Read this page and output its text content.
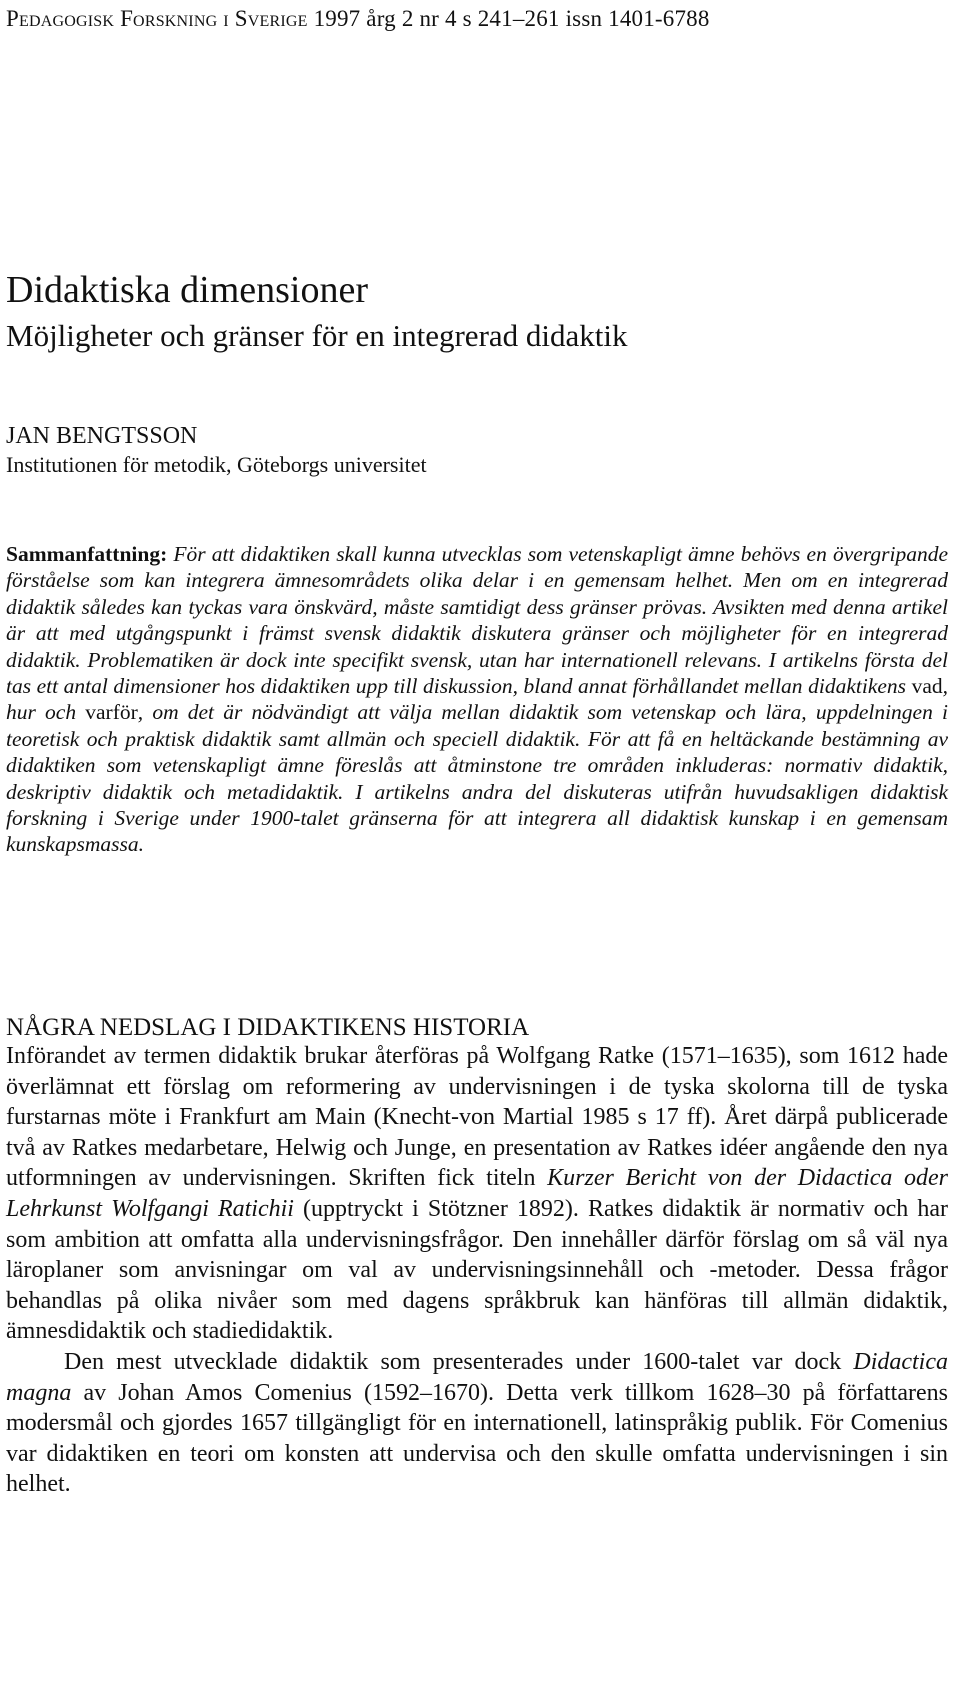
Pedagogisk Forskning i Sverige 1997 årg 2 nr 4 s 241–261 issn 1401-6788
Didaktiska dimensioner
Möjligheter och gränser för en integrerad didaktik
JAN BENGTSSON
Institutionen för metodik, Göteborgs universitet

Sammanfattning: För att didaktiken skall kunna utvecklas som vetenskapligt ämne behövs en övergripande förståelse som kan integrera ämnesområdets olika delar i en gemensam helhet. Men om en integrerad didaktik således kan tyckas vara önskvärd, måste samtidigt dess gränser prövas. Avsikten med denna artikel är att med utgångspunkt i främst svensk didaktik diskutera gränser och möjligheter för en integrerad didaktik. Problematiken är dock inte specifikt svensk, utan har internationell relevans. I artikelns första del tas ett antal dimensioner hos didaktiken upp till diskussion, bland annat förhållandet mellan didaktikens vad, hur och varför, om det är nödvändigt att välja mellan didaktik som vetenskap och lära, uppdelningen i teoretisk och praktisk didaktik samt allmän och speciell didaktik. För att få en heltäckande bestämning av didaktiken som vetenskapligt ämne föreslås att åtminstone tre områden inkluderas: normativ didaktik, deskriptiv didaktik och metadidaktik. I artikelns andra del diskuteras utifrån huvudsakligen didaktisk forskning i Sverige under 1900-talet gränserna för att integrera all didaktisk kunskap i en gemensam kunskapsmassa.

NÅGRA NEDSLAG I DIDAKTIKENS HISTORIA

Införandet av termen didaktik brukar återföras på Wolfgang Ratke (1571–1635), som 1612 hade överlämnat ett förslag om reformering av undervisningen i de tyska skolorna till de tyska furstarnas möte i Frankfurt am Main (Knecht-von Martial 1985 s 17 ff). Året därpå publicerade två av Ratkes medarbetare, Helwig och Junge, en presentation av Ratkes idéer angående den nya utformningen av undervisningen. Skriften fick titeln Kurzer Bericht von der Didactica oder Lehrkunst Wolfgangi Ratichii (upptryckt i Stötzner 1892). Ratkes didaktik är normativ och har som ambition att omfatta alla undervisningsfrågor. Den innehåller därför förslag om så väl nya läroplaner som anvisningar om val av undervisningsinnehåll och -metoder. Dessa frågor behandlas på olika nivåer som med dagens språkbruk kan hänföras till allmän didaktik, ämnesdidaktik och stadiedidaktik.

Den mest utvecklade didaktik som presenterades under 1600-talet var dock Didactica magna av Johan Amos Comenius (1592–1670). Detta verk tillkom 1628–30 på författarens modersmål och gjordes 1657 tillgängligt för en internationell, latinspråkig publik. För Comenius var didaktiken en teori om konsten att undervisa och den skulle omfatta undervisningen i sin helhet.
